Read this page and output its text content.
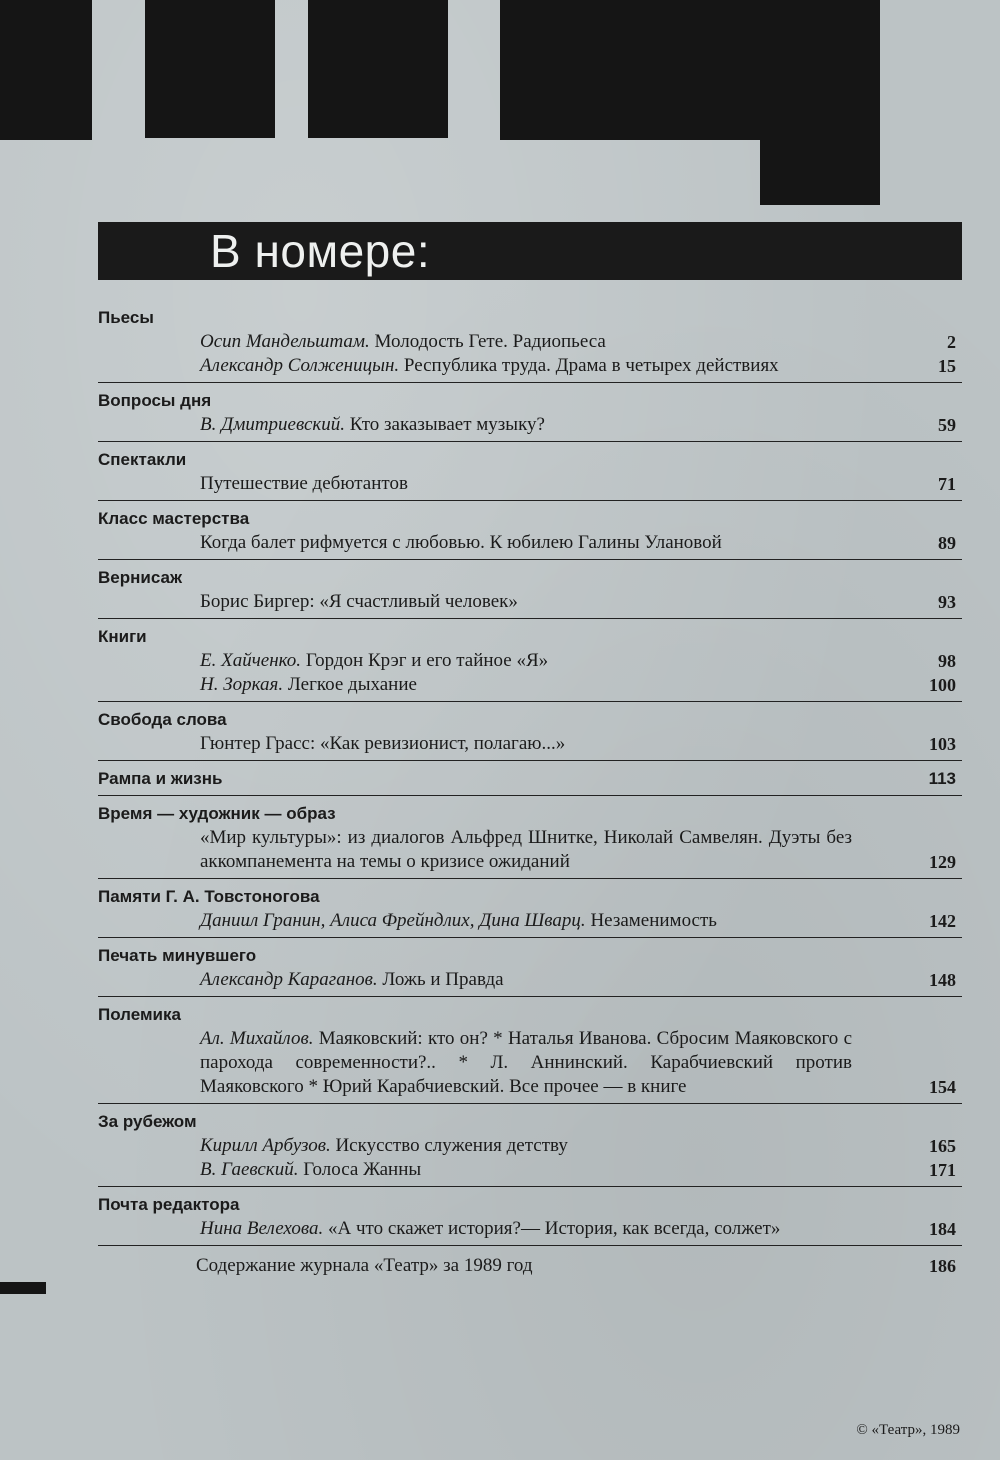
В номере:
Пьесы
Осип Мандельштам. Молодость Гете. Радиопьеса	2
Александр Солженицын. Республика труда. Драма в четырех действиях	15
Вопросы дня
В. Дмитриевский. Кто заказывает музыку?	59
Спектакли
Путешествие дебютантов	71
Класс мастерства
Когда балет рифмуется с любовью. К юбилею Галины Улановой	89
Вернисаж
Борис Биргер: «Я счастливый человек»	93
Книги
Е. Хайченко. Гордон Крэг и его тайное «Я»	98
Н. Зоркая. Легкое дыхание	100
Свобода слова
Гюнтер Грасс: «Как ревизионист, полагаю...»	103
Рампа и жизнь	113
Время — художник — образ
«Мир культуры»: из диалогов Альфред Шнитке, Николай Самвелян. Дуэты без аккомпанемента на темы о кризисе ожиданий	129
Памяти Г. А. Товстоногова
Даниил Гранин, Алиса Фрейндлих, Дина Шварц. Незаменимость	142
Печать минувшего
Александр Караганов. Ложь и Правда	148
Полемика
Ал. Михайлов. Маяковский: кто он? * Наталья Иванова. Сбросим Маяковского с парохода современности?.. * Л. Аннинский. Карабчиевский против Маяковского * Юрий Карабчиевский. Все прочее — в книге	154
За рубежом
Кирилл Арбузов. Искусство служения детству	165
В. Гаевский. Голоса Жанны	171
Почта редактора
Нина Велехова. «А что скажет история?— История, как всегда, солжет»	184
Содержание журнала «Театр» за 1989 год	186
© «Театр», 1989
